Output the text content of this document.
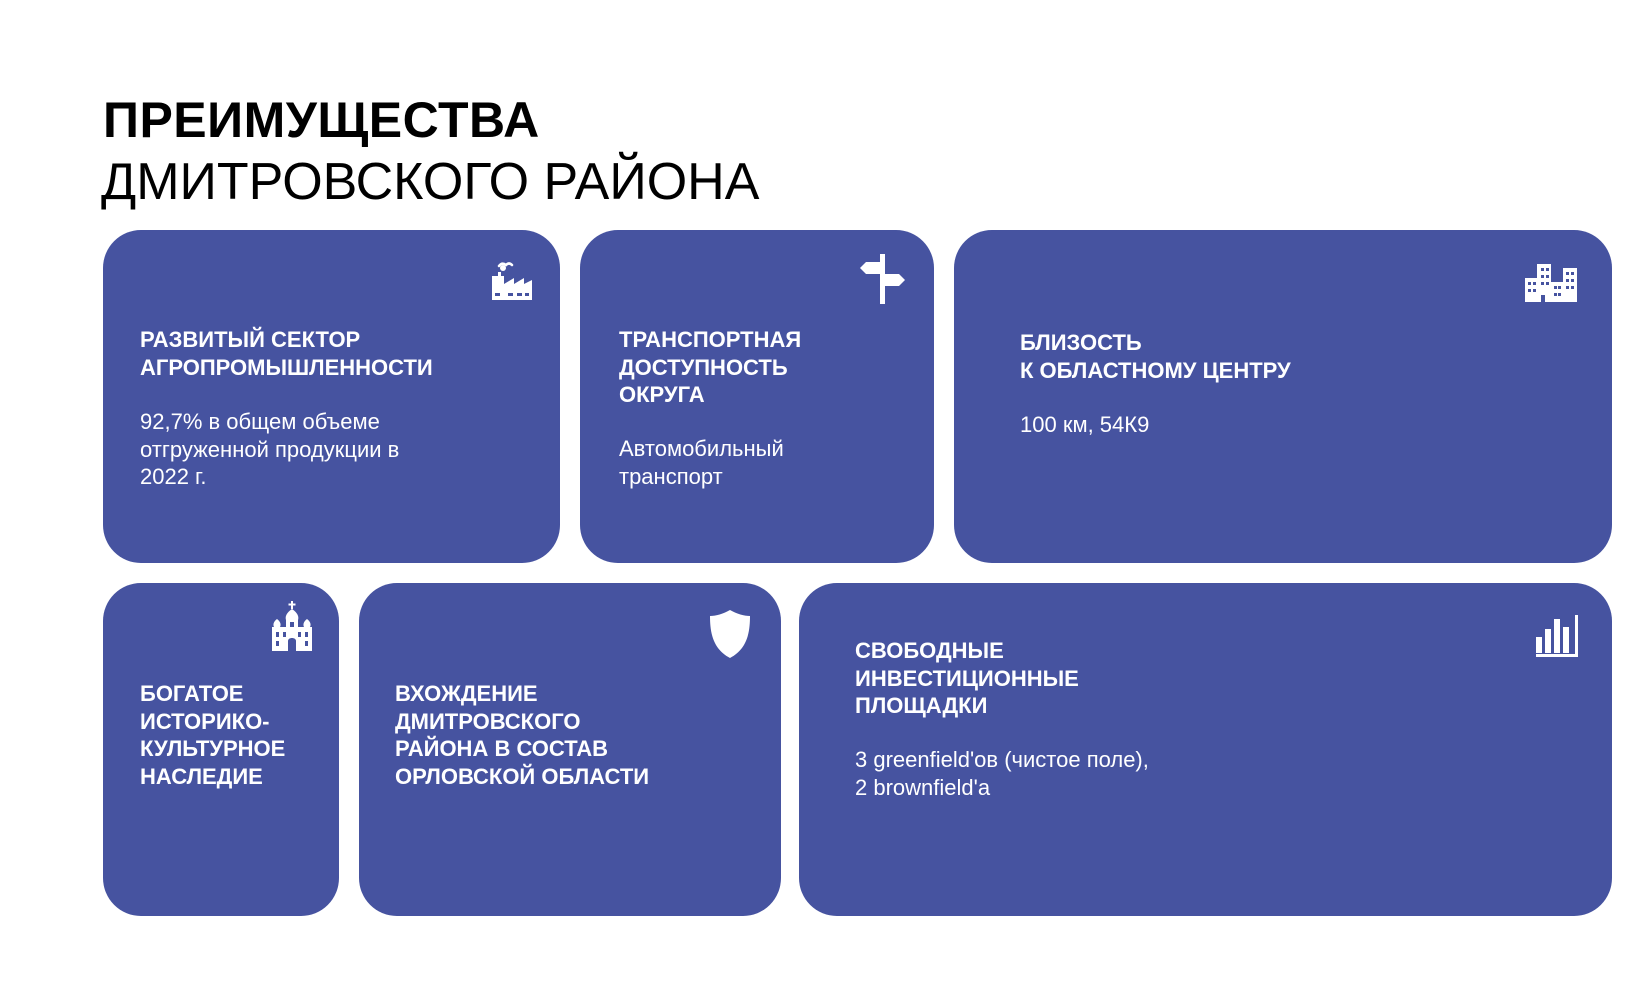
ПРЕИМУЩЕСТВА
ДМИТРОВСКОГО РАЙОНА
РАЗВИТЫЙ СЕКТОР
АГРОПРОМЫШЛЕННОСТИ
92,7% в общем объеме
отгруженной продукции в
2022 г.
ТРАНСПОРТНАЯ
ДОСТУПНОСТЬ
ОКРУГА
Автомобильный
транспорт
БЛИЗОСТЬ
К ОБЛАСТНОМУ ЦЕНТРУ
100 км, 54К9
БОГАТОЕ
ИСТОРИКО-
КУЛЬТУРНОЕ
НАСЛЕДИЕ
ВХОЖДЕНИЕ
ДМИТРОВСКОГО
РАЙОНА В СОСТАВ
ОРЛОВСКОЙ ОБЛАСТИ
СВОБОДНЫЕ
ИНВЕСТИЦИОННЫЕ
ПЛОЩАДКИ
3 greenfield'ов (чистое поле),
2 brownfield'а
